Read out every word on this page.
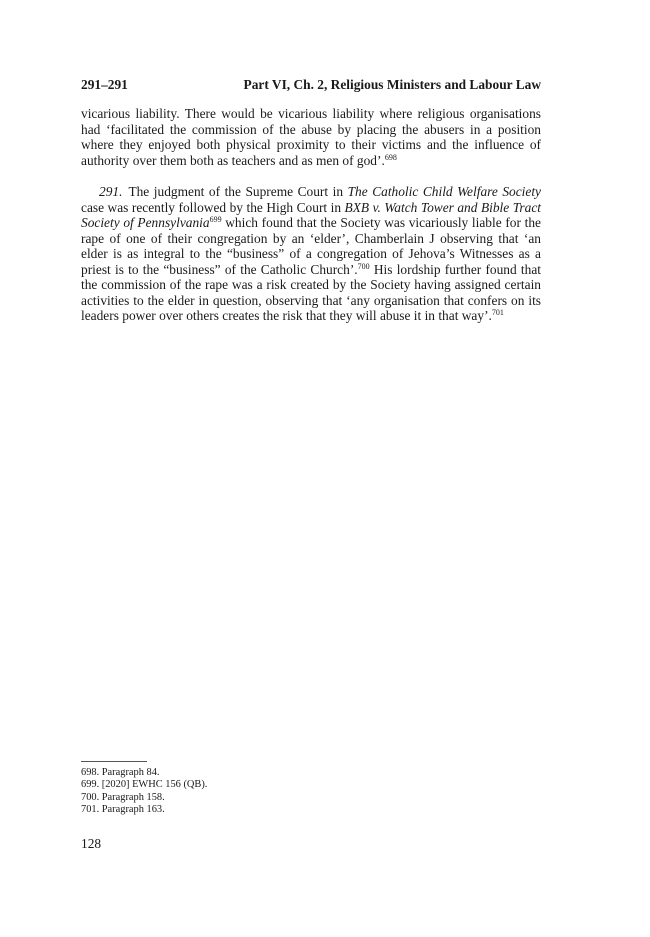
291–291	Part VI, Ch. 2, Religious Ministers and Labour Law

vicarious liability. There would be vicarious liability where religious organisations had ‘facilitated the commission of the abuse by placing the abusers in a position where they enjoyed both physical proximity to their victims and the influence of authority over them both as teachers and as men of god’.$^{698}$

291. The judgment of the Supreme Court in The Catholic Child Welfare Society case was recently followed by the High Court in BXB v. Watch Tower and Bible Tract Society of Pennsylvania$^{699}$ which found that the Society was vicariously liable for the rape of one of their congregation by an ‘elder’, Chamberlain J observing that ‘an elder is as integral to the “business” of a congregation of Jehova’s Witnesses as a priest is to the “business” of the Catholic Church’.$^{700}$ His lordship further found that the commission of the rape was a risk created by the Society having assigned certain activities to the elder in question, observing that ‘any organisation that confers on its leaders power over others creates the risk that they will abuse it in that way’.$^{701}$

698. Paragraph 84.
699. [2020] EWHC 156 (QB).
700. Paragraph 158.
701. Paragraph 163.
128
